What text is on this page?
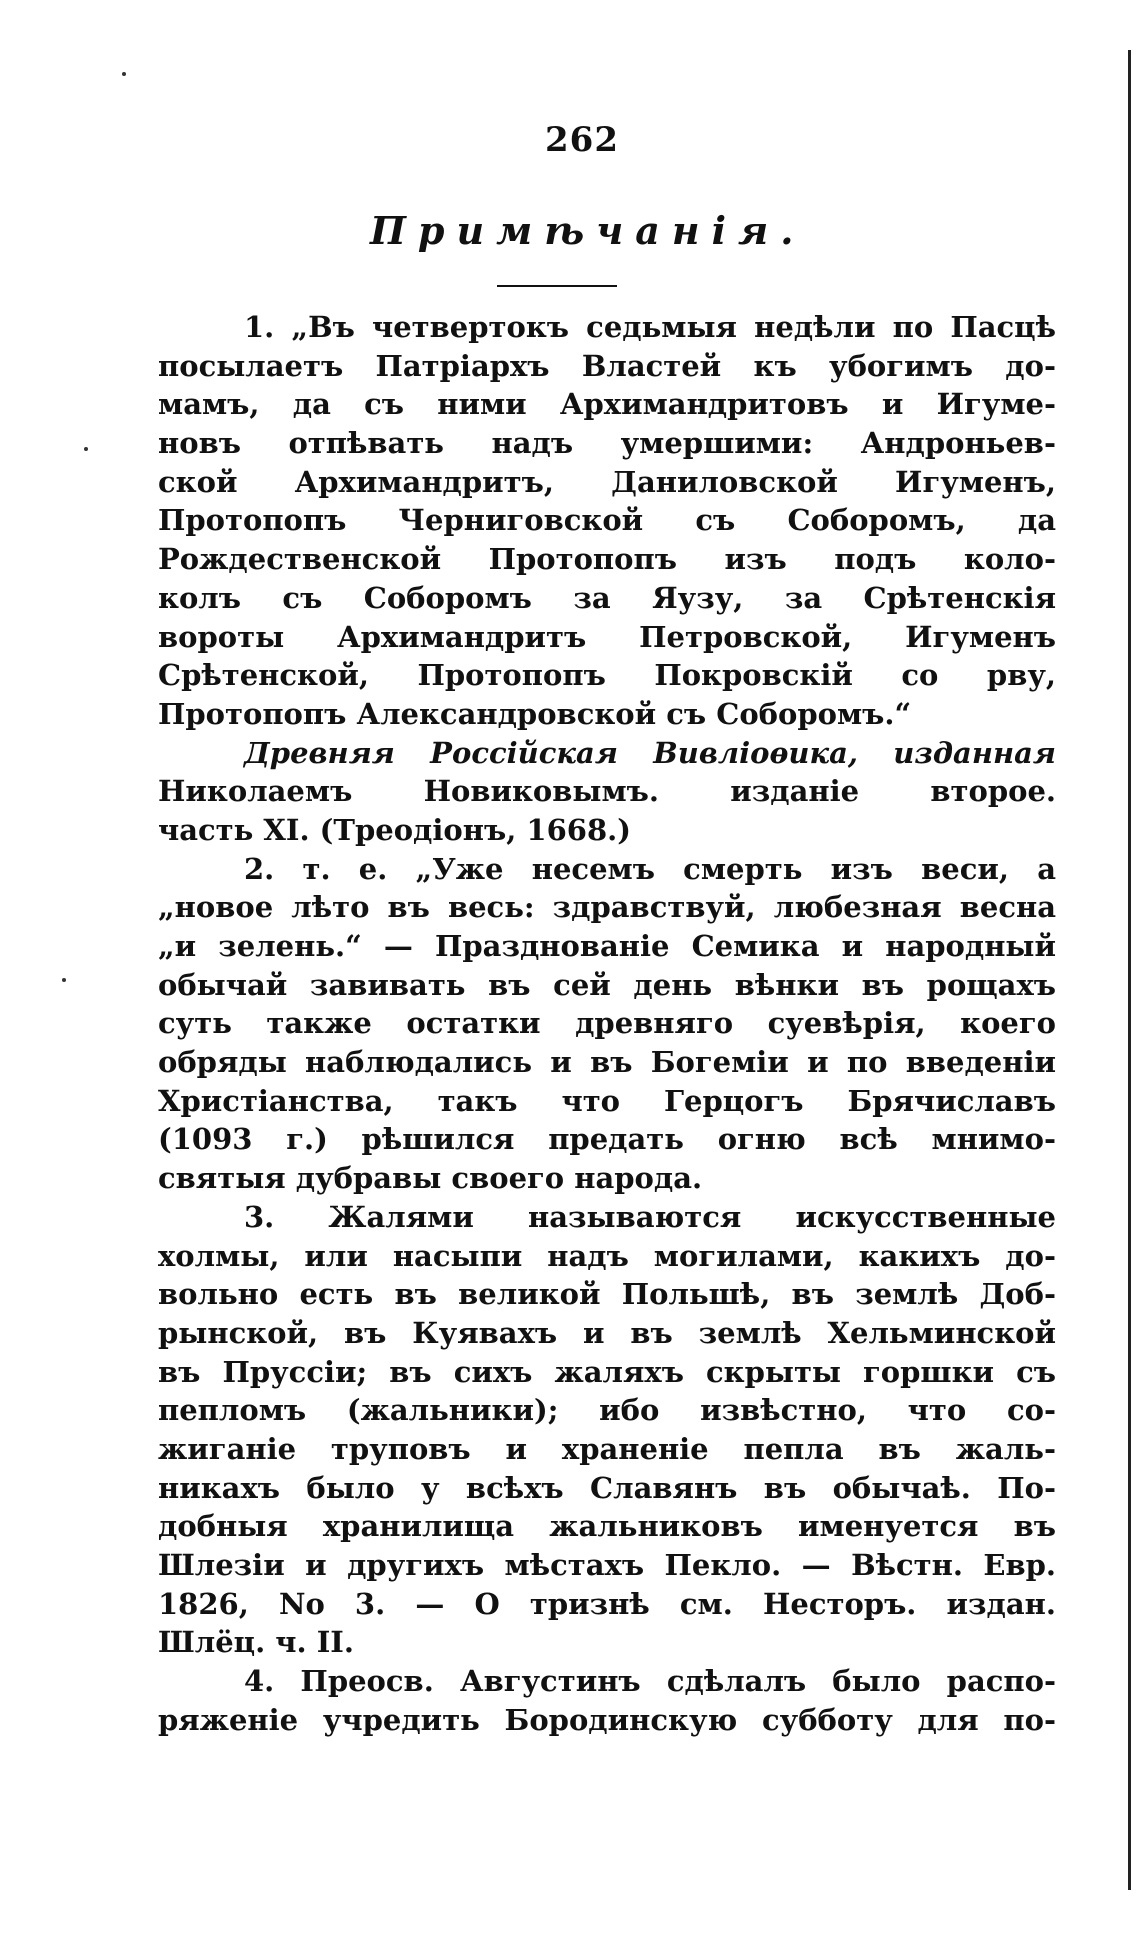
262
Примѣчанія.
1. „Въ четвертокъ седьмыя недѣли по Пасцѣ
посылаетъ Патріархъ Властей къ убогимъ до-
мамъ, да съ ними Архимандритовъ и Игуме-
новъ отпѣвать надъ умершими: Андроньев-
ской Архимандритъ, Даниловской Игуменъ,
Протопопъ Черниговской съ Соборомъ, да
Рождественской Протопопъ изъ подъ коло-
колъ съ Соборомъ за Яузу, за Срѣтенскія
вороты Архимандритъ Петровской, Игуменъ
Срѣтенской, Протопопъ Покровскій со рву,
Протопопъ Александровской съ Соборомъ.“
Древняя Россійская Вивліоѳика, изданная
Николаемъ Новиковымъ. изданіе второе.
часть XI. (Треодіонъ, 1668.)
2. т. е. „Уже несемъ смерть изъ веси, а
„новое лѣто въ весь: здравствуй, любезная весна
„и зелень.“ — Празднованіе Семика и народный
обычай завивать въ сей день вѣнки въ рощахъ
суть также остатки древняго суевѣрія, коего
обряды наблюдались и въ Богеміи и по введеніи
Христіанства, такъ что Герцогъ Брячиславъ
(1093 г.) рѣшился предать огню всѣ мнимо-
святыя дубравы своего народа.
3. Жалями называются искусственные
холмы, или насыпи надъ могилами, какихъ до-
вольно есть въ великой Польшѣ, въ землѣ Доб-
рынской, въ Куявахъ и въ землѣ Хельминской
въ Пруссіи; въ сихъ жаляхъ скрыты горшки съ
пепломъ (жальники); ибо извѣстно, что со-
жиганіе труповъ и храненіе пепла въ жаль-
никахъ было у всѣхъ Славянъ въ обычаѣ. По-
добныя хранилища жальниковъ именуется въ
Шлезіи и другихъ мѣстахъ Пекло. — Вѣстн. Евр.
1826, No 3. — О тризнѣ см. Несторъ. издан.
Шлёц. ч. II.
4. Преосв. Августинъ сдѣлалъ было распо-
ряженіе учредить Бородинскую субботу для по-
